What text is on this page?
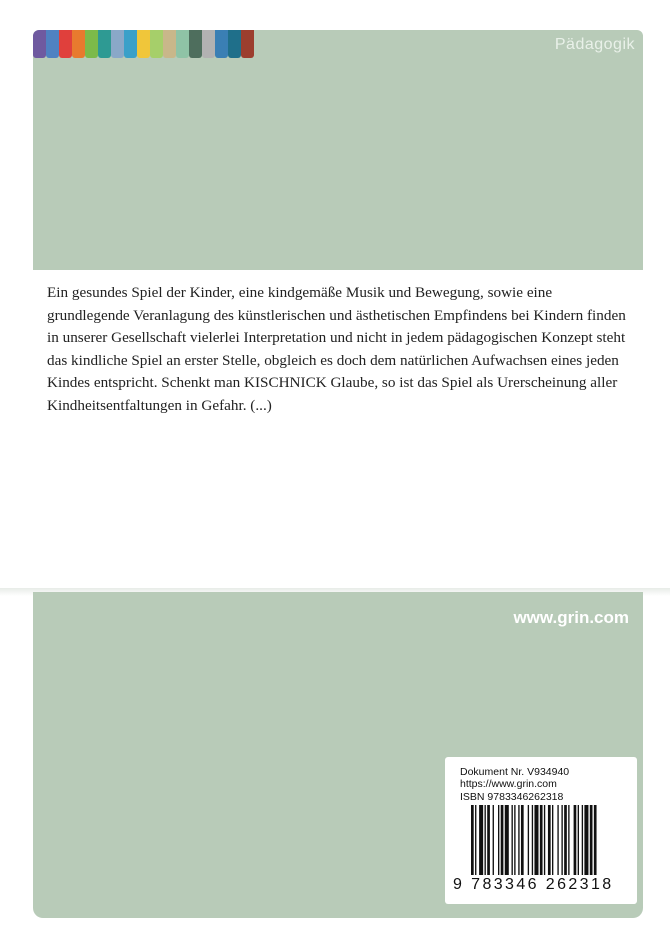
Pädagogik

Ein gesundes Spiel der Kinder, eine kindgemäße Musik und Bewegung, sowie eine grundlegende Veranlagung des künstlerischen und ästhetischen Empfindens bei Kindern finden in unserer Gesellschaft vielerlei Interpretation und nicht in jedem pädagogischen Konzept steht das kindliche Spiel an erster Stelle, obgleich es doch dem natürlichen Aufwachsen eines jeden Kindes entspricht. Schenkt man KISCHNICK Glaube, so ist das Spiel als Urerscheinung aller Kindheitsentfaltungen in Gefahr. (...)

www.grin.com
Dokument Nr. V934940
https://www.grin.com
ISBN 9783346262318
9 783346 262318
